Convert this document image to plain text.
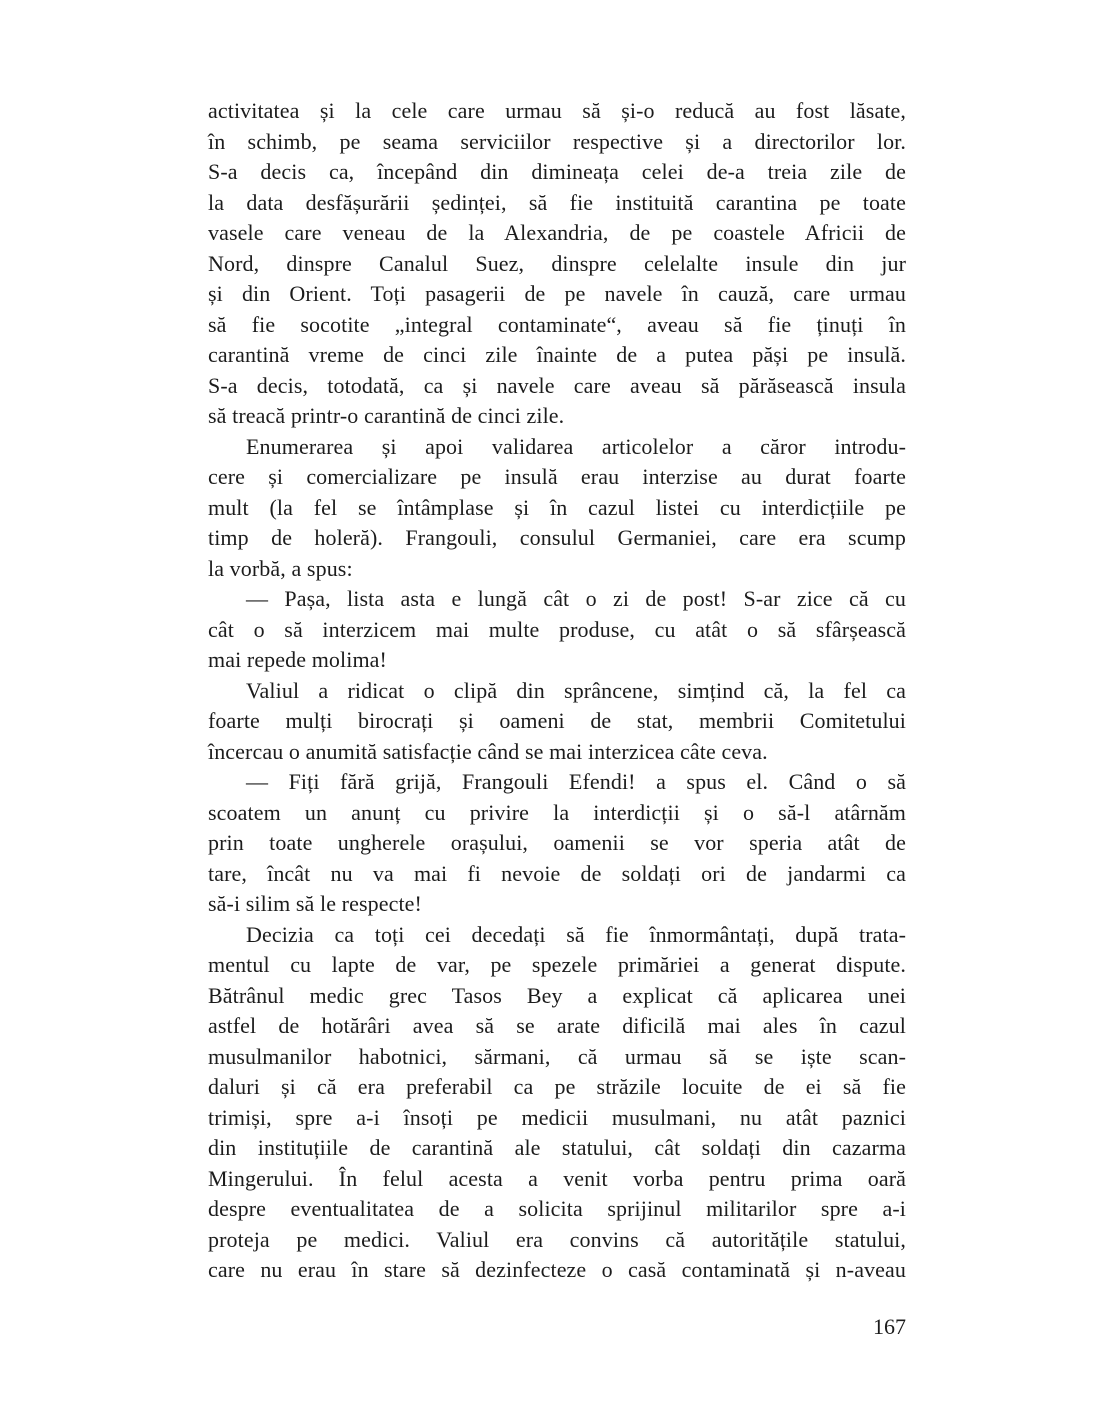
activitatea și la cele care urmau să și-o reducă au fost lăsate,
în schimb, pe seama serviciilor respective și a directorilor lor.
S-a decis ca, începând din dimineața celei de-a treia zile de
la data desfășurării ședinței, să fie instituită carantina pe toate
vasele care veneau de la Alexandria, de pe coastele Africii de
Nord, dinspre Canalul Suez, dinspre celelalte insule din jur
și din Orient. Toți pasagerii de pe navele în cauză, care urmau
să fie socotite „integral contaminate“, aveau să fie ținuți în
carantină vreme de cinci zile înainte de a putea păși pe insulă.
S-a decis, totodată, ca și navele care aveau să părăsească insula
să treacă printr-o carantină de cinci zile.
Enumerarea și apoi validarea articolelor a căror introdu-
cere și comercializare pe insulă erau interzise au durat foarte
mult (la fel se întâmplase și în cazul listei cu interdicțiile pe
timp de holeră). Frangouli, consulul Germaniei, care era scump
la vorbă, a spus:
— Pașa, lista asta e lungă cât o zi de post! S-ar zice că cu
cât o să interzicem mai multe produse, cu atât o să sfârșească
mai repede molima!
Valiul a ridicat o clipă din sprâncene, simțind că, la fel ca
foarte mulți birocrați și oameni de stat, membrii Comitetului
încercau o anumită satisfacție când se mai interzicea câte ceva.
— Fiți fără grijă, Frangouli Efendi! a spus el. Când o să
scoatem un anunț cu privire la interdicții și o să-l atârnăm
prin toate ungherele orașului, oamenii se vor speria atât de
tare, încât nu va mai fi nevoie de soldați ori de jandarmi ca
să-i silim să le respecte!
Decizia ca toți cei decedați să fie înmormântați, după trata-
mentul cu lapte de var, pe spezele primăriei a generat dispute.
Bătrânul medic grec Tasos Bey a explicat că aplicarea unei
astfel de hotărâri avea să se arate dificilă mai ales în cazul
musulmanilor habotnici, sărmani, că urmau să se iște scan-
daluri și că era preferabil ca pe străzile locuite de ei să fie
trimiși, spre a-i însoți pe medicii musulmani, nu atât paznici
din instituțiile de carantină ale statului, cât soldați din cazarma
Mingerului. În felul acesta a venit vorba pentru prima oară
despre eventualitatea de a solicita sprijinul militarilor spre a-i
proteja pe medici. Valiul era convins că autoritățile statului,
care nu erau în stare să dezinfecteze o casă contaminată și n-aveau
167
